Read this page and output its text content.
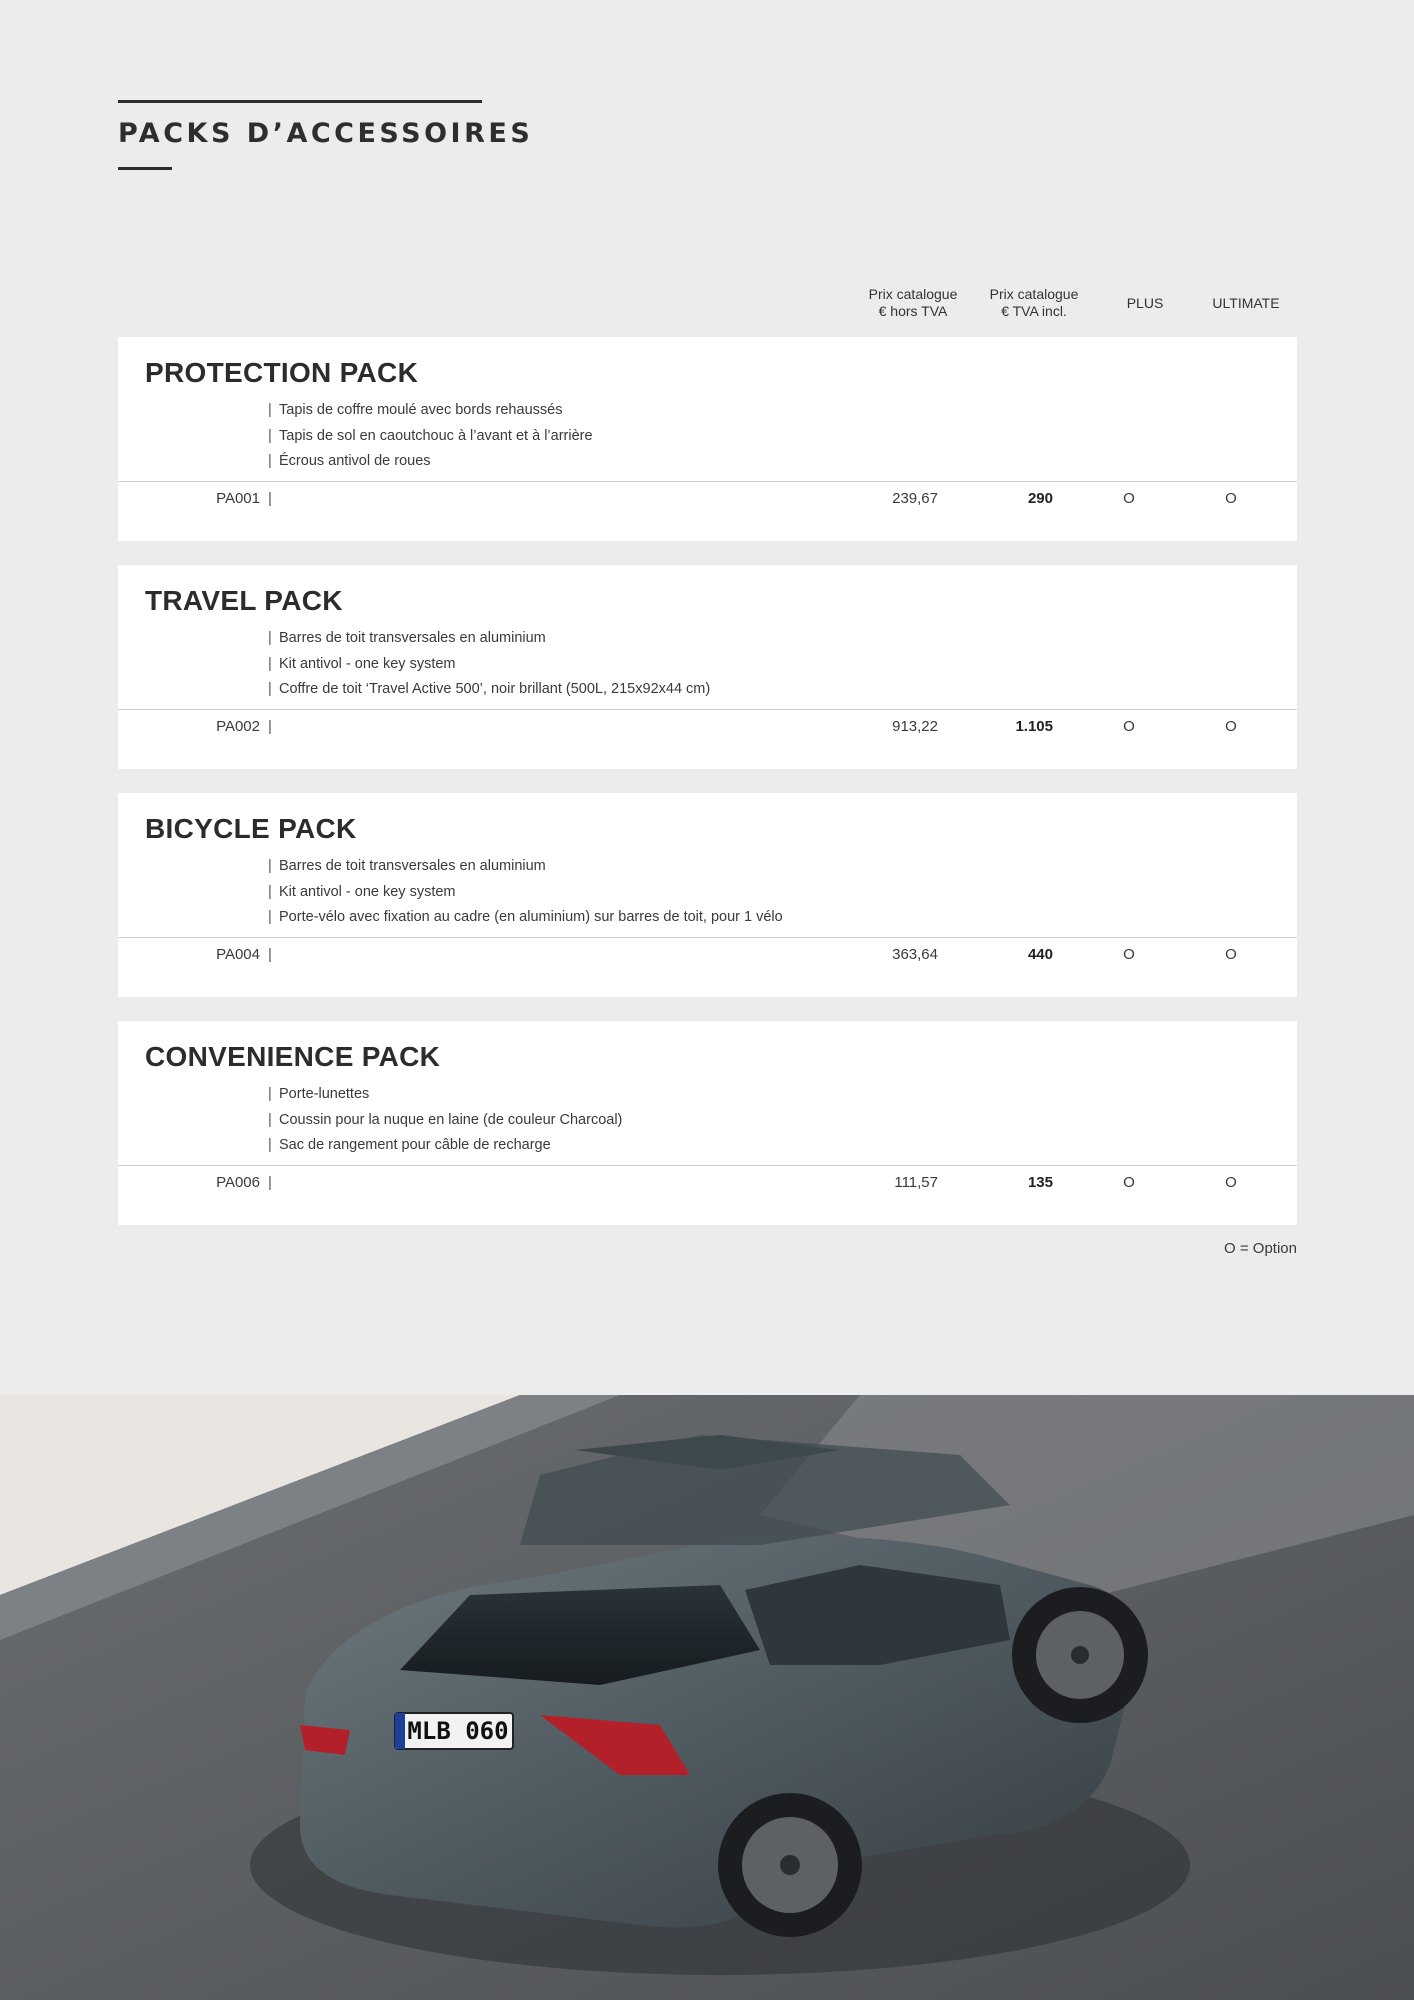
PACKS D’ACCESSOIRES
Prix catalogue
€ hors TVA
Prix catalogue
€ TVA incl.	PLUS	ULTIMATE
PROTECTION PACK
| Tapis de coffre moulé avec bords rehaussés
| Tapis de sol en caoutchouc à l’avant et à l’arrière
| Écrous antivol de roues
PA001 |	239,67	290	O	O
TRAVEL PACK
| Barres de toit transversales en aluminium
| Kit antivol - one key system
| Coffre de toit ‘Travel Active 500’, noir brillant (500L, 215x92x44 cm)
PA002 |	913,22	1.105	O	O
BICYCLE PACK
| Barres de toit transversales en aluminium
| Kit antivol - one key system
| Porte-vélo avec fixation au cadre (en aluminium) sur barres de toit, pour 1 vélo
PA004 |	363,64	440	O	O
CONVENIENCE PACK
| Porte-lunettes
| Coussin pour la nuque en laine (de couleur Charcoal)
| Sac de rangement pour câble de recharge
PA006 |	111,57	135	O	O
O = Option
MLB 060
